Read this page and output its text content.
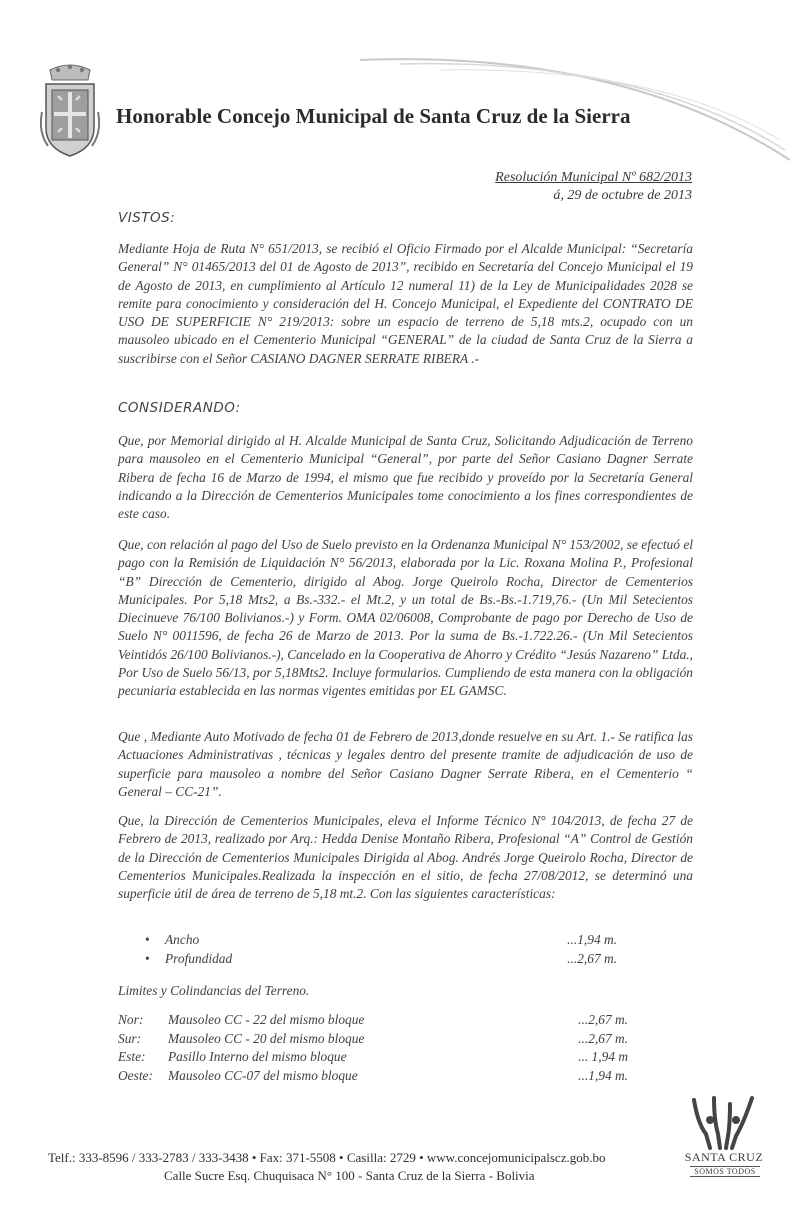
Honorable Concejo Municipal de Santa Cruz de la Sierra
Resolución Municipal Nº 682/2013
á, 29 de octubre de 2013
VISTOS:

Mediante Hoja de Ruta N° 651/2013, se recibió el Oficio Firmado por el Alcalde Municipal: “Secretaría General” N° 01465/2013 del 01 de Agosto de 2013”, recibido en Secretaría del Concejo Municipal el 19 de Agosto de 2013, en cumplimiento al Artículo 12 numeral 11) de la Ley de Municipalidades 2028 se remite para conocimiento y consideración del H. Concejo Municipal, el Expediente del CONTRATO DE USO DE SUPERFICIE N° 219/2013: sobre un espacio de terreno de 5,18 mts.2, ocupado con un mausoleo ubicado en el Cementerio Municipal “GENERAL” de la ciudad de Santa Cruz de la Sierra a suscribirse con el Señor CASIANO DAGNER SERRATE RIBERA .-

CONSIDERANDO:

Que, por Memorial dirigido al H. Alcalde Municipal de Santa Cruz, Solicitando Adjudicación de Terreno para mausoleo en el Cementerio Municipal “General”, por parte del Señor Casiano Dagner Serrate Ribera de fecha 16 de Marzo de 1994, el mismo que fue recibido y proveído por la Secretaría General indicando a la Dirección de Cementerios Municipales tome conocimiento a los fines correspondientes de este caso.

Que, con relación al pago del Uso de Suelo previsto en la Ordenanza Municipal N° 153/2002, se efectuó el pago con la Remisión de Liquidación N° 56/2013, elaborada por la Lic. Roxana Molina P., Profesional “B” Dirección de Cementerio, dirigido al Abog. Jorge Queirolo Rocha, Director de Cementerios Municipales. Por 5,18 Mts2, a Bs.-332.- el Mt.2, y un total de Bs.-Bs.-1.719,76.- (Un Mil Setecientos Diecinueve 76/100 Bolivianos.-) y Form. OMA 02/06008, Comprobante de pago por Derecho de Uso de Suelo N° 0011596, de fecha 26 de Marzo de 2013. Por la suma de Bs.-1.722.26.- (Un Mil Setecientos Veintidós 26/100 Bolivianos.-), Cancelado en la Cooperativa de Ahorro y Crédito “Jesús Nazareno” Ltda., Por Uso de Suelo 56/13, por 5,18Mts2. Incluye formularios. Cumpliendo de esta manera con la obligación pecuniaria establecida en las normas vigentes emitidas por EL GAMSC.

Que , Mediante Auto Motivado de fecha 01 de Febrero de 2013,donde resuelve en su Art. 1.- Se ratifica las Actuaciones Administrativas , técnicas y legales dentro del presente tramite de adjudicación de uso de superficie para mausoleo a nombre del Señor Casiano Dagner Serrate Ribera, en el Cementerio “ General – CC-21”.

Que, la Dirección de Cementerios Municipales, eleva el Informe Técnico N° 104/2013, de fecha 27 de Febrero de 2013, realizado por Arq.: Hedda Denise Montaño Ribera, Profesional “A” Control de Gestión de la Dirección de Cementerios Municipales Dirigida al Abog. Andrés Jorge Queirolo Rocha, Director de Cementerios Municipales.Realizada la inspección en el sitio, de fecha 27/08/2012, se determinó una superficie útil de área de terreno de 5,18 mt.2. Con las siguientes características:

• Ancho	...1,94 m.
• Profundidad	...2,67 m.

Limites y Colindancias del Terreno.

Nor: Mausoleo CC - 22 del mismo bloque	...2,67 m.
Sur: Mausoleo CC - 20 del mismo bloque	...2,67 m.
Este: Pasillo Interno del mismo bloque	... 1,94 m
Oeste: Mausoleo CC-07 del mismo bloque	...1,94 m.
Telf.: 333-8596 / 333-2783 / 333-3438 • Fax: 371-5508 • Casilla: 2729 • www.concejomunicipalscz.gob.bo
Calle Sucre Esq. Chuquisaca N° 100 - Santa Cruz de la Sierra - Bolivia
SANTA CRUZ
SOMOS TODOS
